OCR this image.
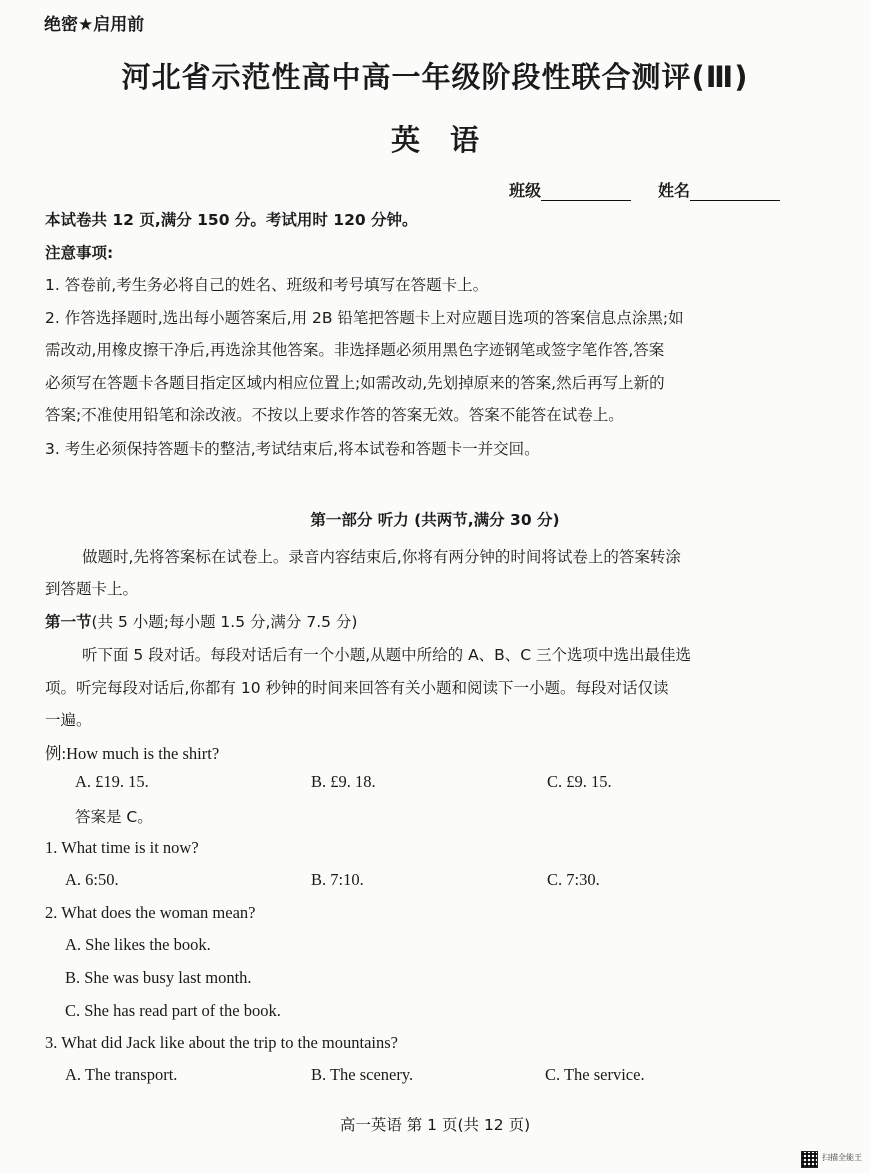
绝密★启用前
河北省示范性高中高一年级阶段性联合测评(Ⅲ)
英语
班级	姓名
本试卷共 12 页,满分 150 分。考试用时 120 分钟。
注意事项:
1. 答卷前,考生务必将自己的姓名、班级和考号填写在答题卡上。
2. 作答选择题时,选出每小题答案后,用 2B 铅笔把答题卡上对应题目选项的答案信息点涂黑;如
需改动,用橡皮擦干净后,再选涂其他答案。非选择题必须用黑色字迹钢笔或签字笔作答,答案
必须写在答题卡各题目指定区域内相应位置上;如需改动,先划掉原来的答案,然后再写上新的
答案;不准使用铅笔和涂改液。不按以上要求作答的答案无效。答案不能答在试卷上。
3. 考生必须保持答题卡的整洁,考试结束后,将本试卷和答题卡一并交回。
第一部分 听力 (共两节,满分 30 分)
做题时,先将答案标在试卷上。录音内容结束后,你将有两分钟的时间将试卷上的答案转涂
到答题卡上。
第一节(共 5 小题;每小题 1.5 分,满分 7.5 分)
听下面 5 段对话。每段对话后有一个小题,从题中所给的 A、B、C 三个选项中选出最佳选
项。听完每段对话后,你都有 10 秒钟的时间来回答有关小题和阅读下一小题。每段对话仅读
一遍。
例:How much is the shirt?
A. £19. 15.	B. £9. 18.	C. £9. 15.
答案是 C。
1. What time is it now?
A. 6:50.	B. 7:10.	C. 7:30.
2. What does the woman mean?
A. She likes the book.
B. She was busy last month.
C. She has read part of the book.
3. What did Jack like about the trip to the mountains?
A. The transport.	B. The scenery.	C. The service.
高一英语 第 1 页(共 12 页)
扫描全能王
